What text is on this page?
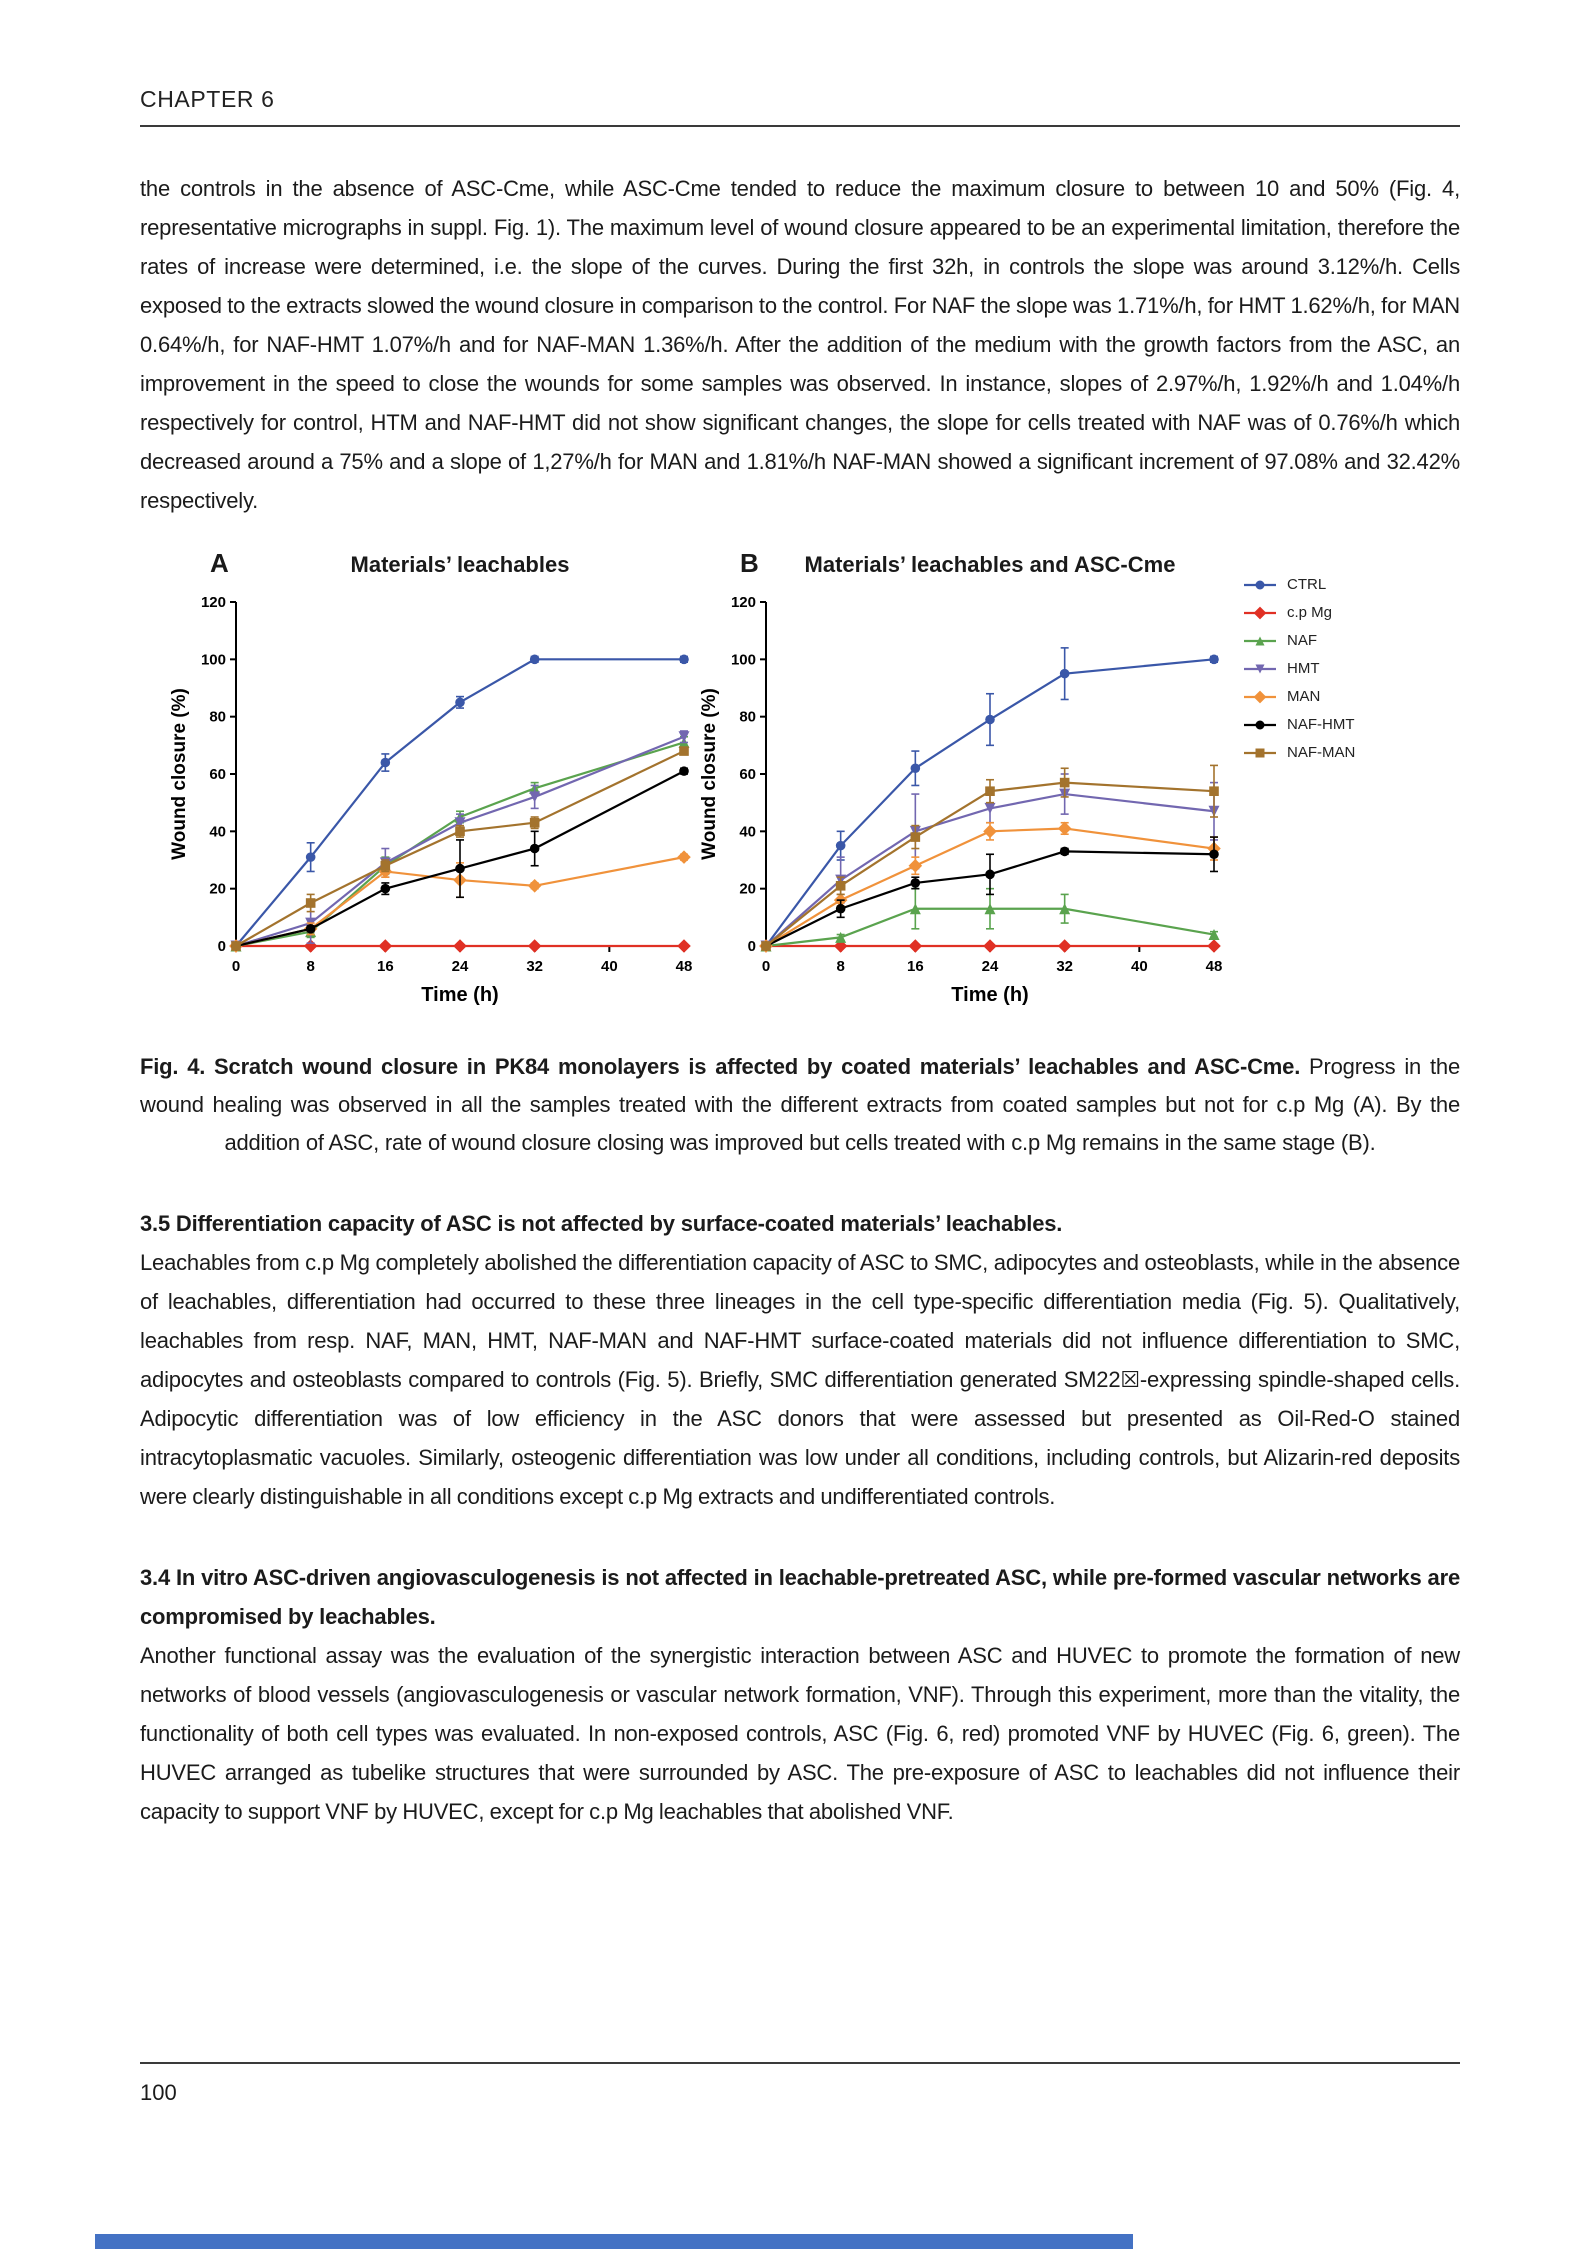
CHAPTER 6

the controls in the absence of ASC-Cme, while ASC-Cme tended to reduce the maximum closure to between 10 and 50% (Fig. 4, representative micrographs in suppl. Fig. 1). The maximum level of wound closure appeared to be an experimental limitation, therefore the rates of increase were determined, i.e. the slope of the curves. During the first 32h, in controls the slope was around 3.12%/h. Cells exposed to the extracts slowed the wound closure in comparison to the control. For NAF the slope was 1.71%/h, for HMT 1.62%/h, for MAN 0.64%/h, for NAF-HMT 1.07%/h and for NAF-MAN 1.36%/h. After the addition of the medium with the growth factors from the ASC, an improvement in the speed to close the wounds for some samples was observed. In instance, slopes of 2.97%/h, 1.92%/h and 1.04%/h respectively for control, HTM and NAF-HMT did not show significant changes, the slope for cells treated with NAF was of 0.76%/h which decreased around a 75% and a slope of 1,27%/h for MAN and 1.81%/h NAF-MAN showed a significant increment of 97.08% and 32.42% respectively.

A	Materials’ leachables
0
20
40
60
80
100
120
0	8	16	24	32	40	48
Time (h)
Wound closure (%)
B Materials’ leachables and ASC-Cme
0
20
40
60
80
100
120
0	8	16	24	32	40	48
Time (h)
Wound closure (%)
CTRL
c.p Mg
NAF
HMT
MAN
NAF-HMT
NAF-MAN
Fig. 4. Scratch wound closure in PK84 monolayers is affected by coated materials’ leachables and ASC-Cme. Progress in the wound healing was observed in all the samples treated with the different extracts from coated samples but not for c.p Mg (A). By the addition of ASC, rate of wound closure closing was improved but cells treated with c.p Mg remains in the same stage (B).
3.5 Differentiation capacity of ASC is not affected by surface-coated materials’ leachables.

Leachables from c.p Mg completely abolished the differentiation capacity of ASC to SMC, adipocytes and osteoblasts, while in the absence of leachables, differentiation had occurred to these three lineages in the cell type-specific differentiation media (Fig. 5). Qualitatively, leachables from resp. NAF, MAN, HMT, NAF-MAN and NAF-HMT surface-coated materials did not influence differentiation to SMC, adipocytes and osteoblasts compared to controls (Fig. 5). Briefly, SMC differentiation generated SM22☒-expressing spindle-shaped cells. Adipocytic differentiation was of low efficiency in the ASC donors that were assessed but presented as Oil-Red-O stained intracytoplasmatic vacuoles. Similarly, osteogenic differentiation was low under all conditions, including controls, but Alizarin-red deposits were clearly distinguishable in all conditions except c.p Mg extracts and undifferentiated controls.

3.4 In vitro ASC-driven angiovasculogenesis is not affected in leachable-pretreated ASC, while pre-formed vascular networks are compromised by leachables.

Another functional assay was the evaluation of the synergistic interaction between ASC and HUVEC to promote the formation of new networks of blood vessels (angiovasculogenesis or vascular network formation, VNF). Through this experiment, more than the vitality, the functionality of both cell types was evaluated. In non-exposed controls, ASC (Fig. 6, red) promoted VNF by HUVEC (Fig. 6, green). The HUVEC arranged as tubelike structures that were surrounded by ASC. The pre-exposure of ASC to leachables did not influence their capacity to support VNF by HUVEC, except for c.p Mg leachables that abolished VNF.

100
